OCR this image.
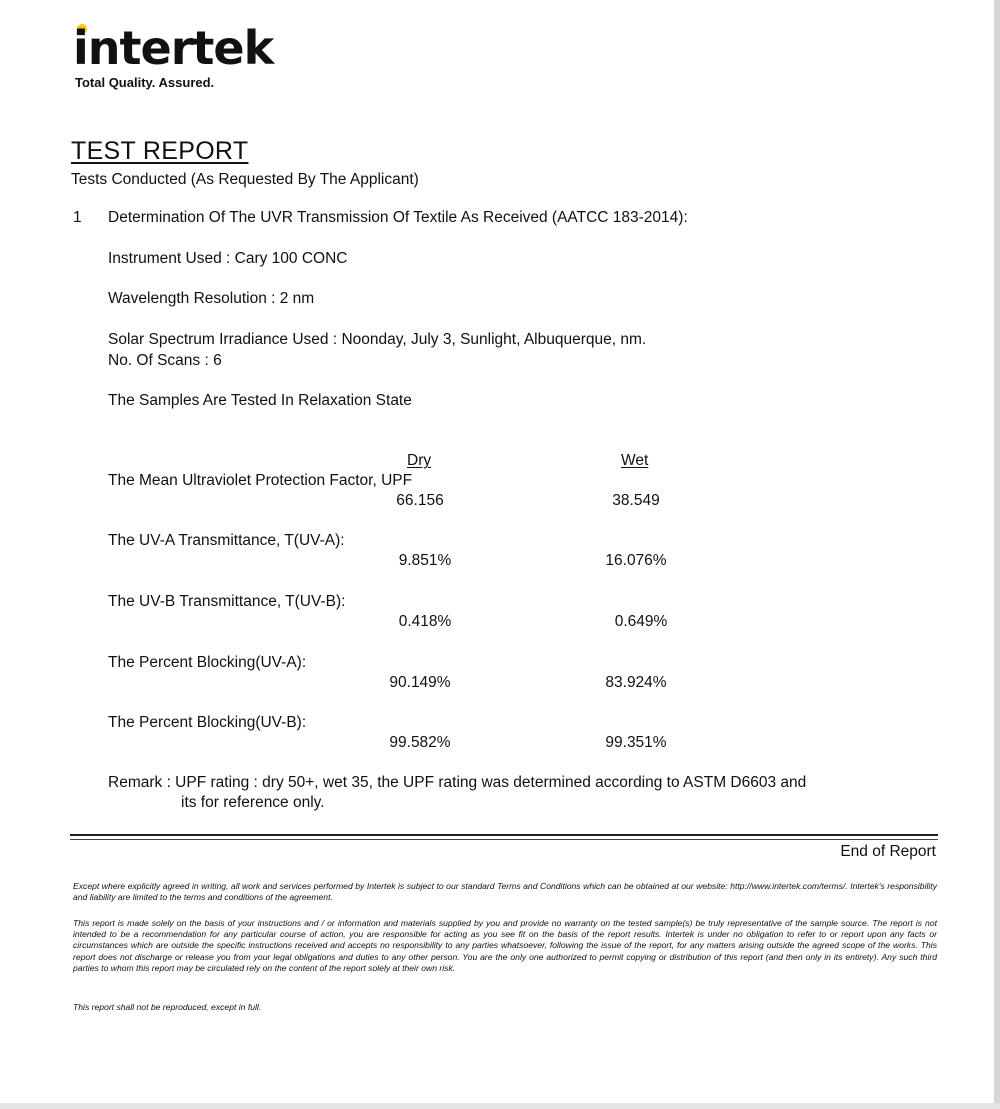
intertek
Total Quality. Assured.
TEST REPORT
Tests Conducted (As Requested By The Applicant)
1 Determination Of The UVR Transmission Of Textile As Received (AATCC 183-2014):
Instrument Used : Cary 100 CONC
Wavelength Resolution : 2 nm
Solar Spectrum Irradiance Used : Noonday, July 3, Sunlight, Albuquerque, nm.
No. Of Scans : 6
The Samples Are Tested In Relaxation State
Dry	Wet
The Mean Ultraviolet Protection Factor, UPF
66.156	38.549
The UV-A Transmittance, T(UV-A):
9.851%	16.076%
The UV-B Transmittance, T(UV-B):
0.418%	0.649%
The Percent Blocking(UV-A):
90.149%	83.924%
The Percent Blocking(UV-B):
99.582%	99.351%
Remark : UPF rating : dry 50+, wet 35, the UPF rating was determined according to ASTM D6603 and
its for reference only.
End of Report
Except where explicitly agreed in writing, all work and services performed by Intertek is subject to our standard Terms and Conditions which can be obtained at our website: http://www.intertek.com/terms/. Intertek's responsibility and liability are limited to the terms and conditions of the agreement.
This report is made solely on the basis of your instructions and / or information and materials supplied by you and provide no warranty on the tested sample(s) be truly representative of the sample source. The report is not intended to be a recommendation for any particular course of action, you are responsible for acting as you see fit on the basis of the report results. Intertek is under no obligation to refer to or report upon any facts or circumstances which are outside the specific instructions received and accepts no responsibility to any parties whatsoever, following the issue of the report, for any matters arising outside the agreed scope of the works. This report does not discharge or release you from your legal obligations and duties to any other person. You are the only one authorized to permit copying or distribution of this report (and then only in its entirety). Any such third parties to whom this report may be circulated rely on the content of the report solely at their own risk.
This report shall not be reproduced, except in full.
